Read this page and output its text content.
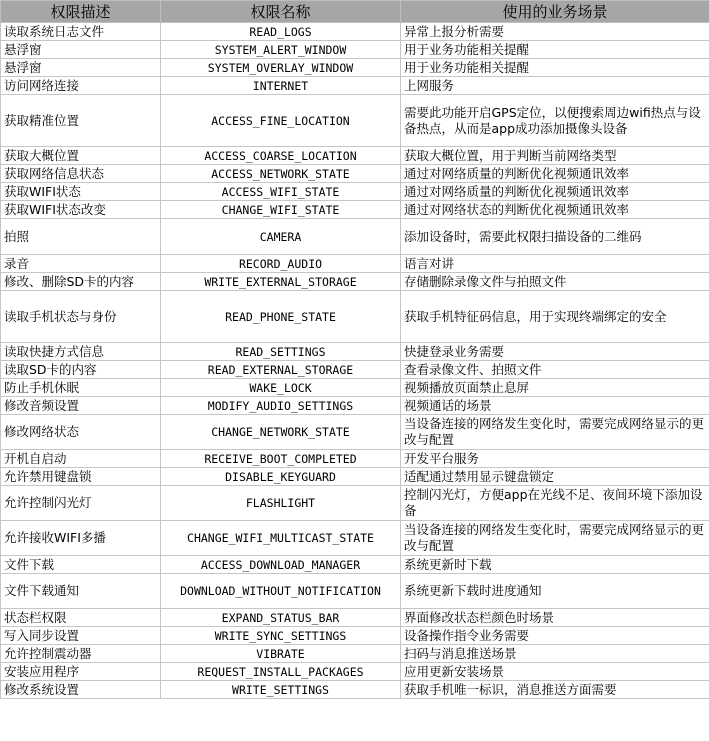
权限描述	权限名称	使用的业务场景
读取系统日志文件	READ_LOGS	异常上报分析需要
悬浮窗	SYSTEM_ALERT_WINDOW	用于业务功能相关提醒
悬浮窗	SYSTEM_OVERLAY_WINDOW	用于业务功能相关提醒
访问网络连接	INTERNET	上网服务
获取精准位置	ACCESS_FINE_LOCATION	需要此功能开启GPS定位，以便搜索周边wifi热点与设备热点，从而是app成功添加摄像头设备
获取大概位置	ACCESS_COARSE_LOCATION	获取大概位置，用于判断当前网络类型
获取网络信息状态	ACCESS_NETWORK_STATE	通过对网络质量的判断优化视频通讯效率
获取WIFI状态	ACCESS_WIFI_STATE	通过对网络质量的判断优化视频通讯效率
获取WIFI状态改变	CHANGE_WIFI_STATE	通过对网络状态的判断优化视频通讯效率
拍照	CAMERA	添加设备时，需要此权限扫描设备的二维码
录音	RECORD_AUDIO	语言对讲
修改、删除SD卡的内容	WRITE_EXTERNAL_STORAGE	存储删除录像文件与拍照文件
读取手机状态与身份	READ_PHONE_STATE	获取手机特征码信息，用于实现终端绑定的安全
读取快捷方式信息	READ_SETTINGS	快捷登录业务需要
读取SD卡的内容	READ_EXTERNAL_STORAGE	查看录像文件、拍照文件
防止手机休眠	WAKE_LOCK	视频播放页面禁止息屏
修改音频设置	MODIFY_AUDIO_SETTINGS	视频通话的场景
修改网络状态	CHANGE_NETWORK_STATE	当设备连接的网络发生变化时，需要完成网络显示的更改与配置
开机自启动	RECEIVE_BOOT_COMPLETED	开发平台服务
允许禁用键盘锁	DISABLE_KEYGUARD	适配通过禁用显示键盘锁定
允许控制闪光灯	FLASHLIGHT	控制闪光灯，方便app在光线不足、夜间环境下添加设备
允许接收WIFI多播	CHANGE_WIFI_MULTICAST_STATE	当设备连接的网络发生变化时，需要完成网络显示的更改与配置
文件下载	ACCESS_DOWNLOAD_MANAGER	系统更新时下载
文件下载通知	DOWNLOAD_WITHOUT_NOTIFICATION	系统更新下载时进度通知
状态栏权限	EXPAND_STATUS_BAR	界面修改状态栏颜色时场景
写入同步设置	WRITE_SYNC_SETTINGS	设备操作指令业务需要
允许控制震动器	VIBRATE	扫码与消息推送场景
安装应用程序	REQUEST_INSTALL_PACKAGES	应用更新安装场景
修改系统设置	WRITE_SETTINGS	获取手机唯一标识，消息推送方面需要
